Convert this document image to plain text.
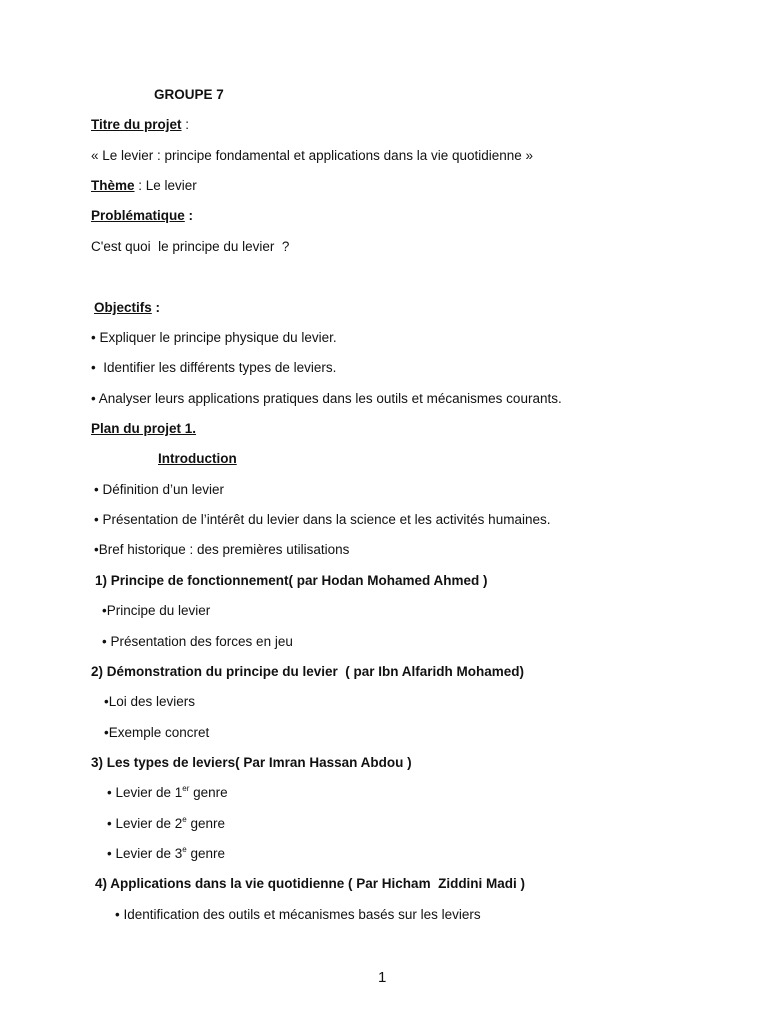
GROUPE 7
Titre du projet :
« Le levier : principe fondamental et applications dans la vie quotidienne »
Thème : Le levier
Problématique :
C'est quoi  le principe du levier  ?
Objectifs :
• Expliquer le principe physique du levier.
•  Identifier les différents types de leviers.
• Analyser leurs applications pratiques dans les outils et mécanismes courants.
Plan du projet 1.
Introduction
• Définition d’un levier
• Présentation de l’intérêt du levier dans la science et les activités humaines.
•Bref historique : des premières utilisations
1) Principe de fonctionnement( par Hodan Mohamed Ahmed )
•Principe du levier
• Présentation des forces en jeu
2) Démonstration du principe du levier  ( par Ibn Alfaridh Mohamed)
•Loi des leviers
•Exemple concret
3) Les types de leviers( Par Imran Hassan Abdou )
• Levier de 1er genre
• Levier de 2e genre
• Levier de 3e genre
4) Applications dans la vie quotidienne ( Par Hicham  Ziddini Madi )
• Identification des outils et mécanismes basés sur les leviers
1
